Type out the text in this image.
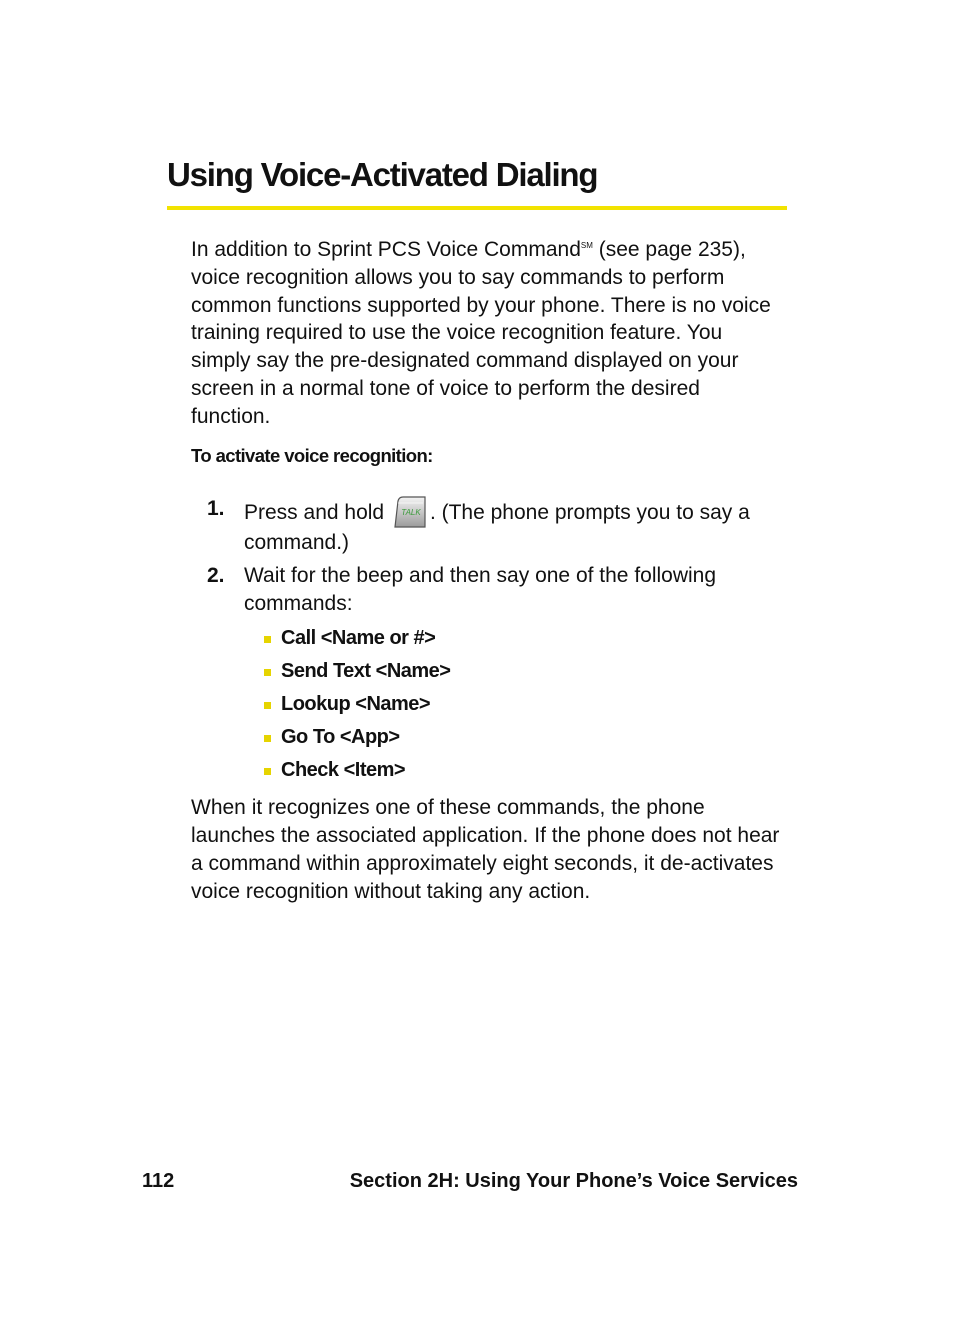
Using Voice-Activated Dialing

In addition to Sprint PCS Voice Command℠ (see page 235), voice recognition allows you to say commands to perform common functions supported by your phone. There is no voice training required to use the voice recognition feature. You simply say the pre-designated command displayed on your screen in a normal tone of voice to perform the desired function.

To activate voice recognition:

1. Press and hold TALK . (The phone prompts you to say a command.)
2. Wait for the beep and then say one of the following commands:
Call <Name or #>
Send Text <Name>
Lookup <Name>
Go To <App>
Check <Item>

When it recognizes one of these commands, the phone launches the associated application. If the phone does not hear a command within approximately eight seconds, it de-activates voice recognition without taking any action.

112	Section 2H: Using Your Phone’s Voice Services
